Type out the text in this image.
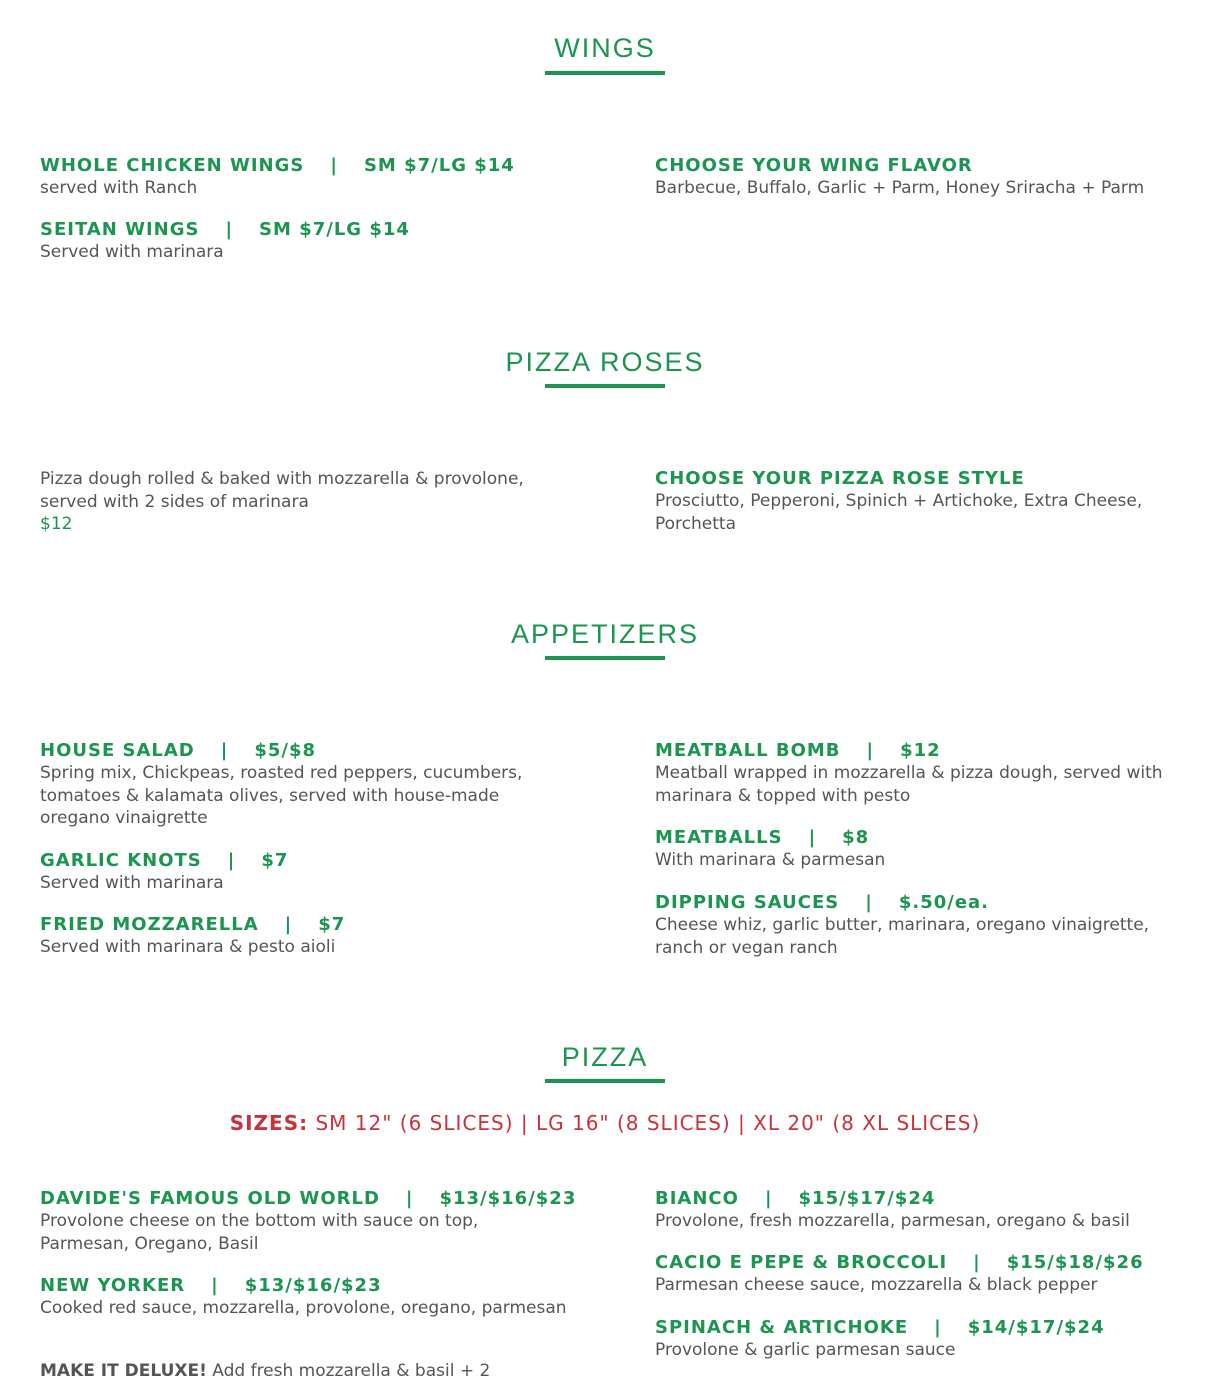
WINGS
WHOLE CHICKEN WINGS | SM $7/LG $14
served with Ranch
SEITAN WINGS | SM $7/LG $14
Served with marinara
CHOOSE YOUR WING FLAVOR
Barbecue, Buffalo, Garlic + Parm, Honey Sriracha + Parm
PIZZA ROSES
Pizza dough rolled & baked with mozzarella & provolone, served with 2 sides of marinara
$12
CHOOSE YOUR PIZZA ROSE STYLE
Prosciutto, Pepperoni, Spinich + Artichoke, Extra Cheese, Porchetta
APPETIZERS
HOUSE SALAD | $5/$8
Spring mix, Chickpeas, roasted red peppers, cucumbers, tomatoes & kalamata olives, served with house-made oregano vinaigrette
GARLIC KNOTS | $7
Served with marinara
FRIED MOZZARELLA | $7
Served with marinara & pesto aioli
MEATBALL BOMB | $12
Meatball wrapped in mozzarella & pizza dough, served with marinara & topped with pesto
MEATBALLS | $8
With marinara & parmesan
DIPPING SAUCES | $.50/ea.
Cheese whiz, garlic butter, marinara, oregano vinaigrette, ranch or vegan ranch
PIZZA
SIZES: SM 12" (6 SLICES) | LG 16" (8 SLICES) | XL 20" (8 XL SLICES)
DAVIDE'S FAMOUS OLD WORLD | $13/$16/$23
Provolone cheese on the bottom with sauce on top, Parmesan, Oregano, Basil
NEW YORKER | $13/$16/$23
Cooked red sauce, mozzarella, provolone, oregano, parmesan
MAKE IT DELUXE! Add fresh mozzarella & basil + 2
BIANCO | $15/$17/$24
Provolone, fresh mozzarella, parmesan, oregano & basil
CACIO E PEPE & BROCCOLI | $15/$18/$26
Parmesan cheese sauce, mozzarella & black pepper
SPINACH & ARTICHOKE | $14/$17/$24
Provolone & garlic parmesan sauce
